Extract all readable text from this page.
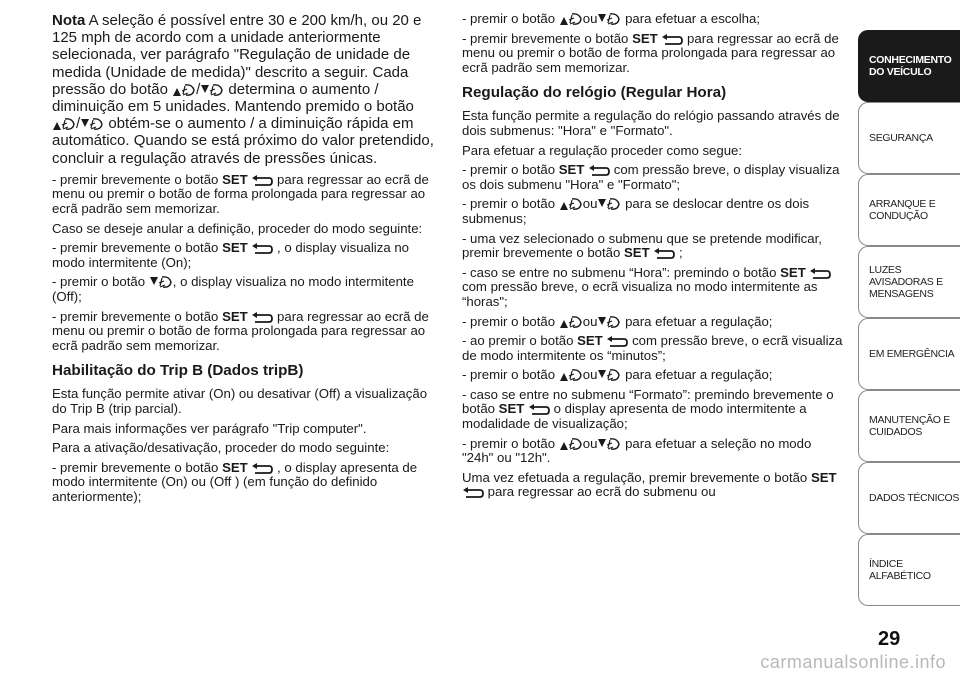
Nota A seleção é possível entre 30 e 200 km/h, ou 20 e 125 mph de acordo com a unidade anteriormente selecionada, ver parágrafo "Regulação de unidade de medida (Unidade de medida)" descrito a seguir. Cada pressão do botão
/
determina o aumento / diminuição em 5 unidades. Mantendo premido o botão
/
obtém-se o aumento / a diminuição rápida em automático. Quando se está próximo do valor pretendido, concluir a regulação através de pressões únicas.

- premir brevemente o botão SET
para regressar ao ecrã de menu ou premir o botão de forma prolongada para regressar ao ecrã padrão sem memorizar.

Caso se deseje anular a definição, proceder do modo seguinte:

- premir brevemente o botão SET
, o display visualiza no modo intermitente (On);

- premir o botão
, o display visualiza no modo intermitente (Off);

- premir brevemente o botão SET
para regressar ao ecrã de menu ou premir o botão de forma prolongada para regressar ao ecrã padrão sem memorizar.

Habilitação do Trip B (Dados tripB)

Esta função permite ativar (On) ou desativar (Off) a visualização do Trip B (trip parcial).

Para mais informações ver parágrafo "Trip computer".

Para a ativação/desativação, proceder do modo seguinte:

- premir brevemente o botão SET
, o display apresenta de modo intermitente (On) ou (Off ) (em função do definido anteriormente);

- premir o botão
ou
para efetuar a escolha;

- premir brevemente o botão SET
para regressar ao ecrã de menu ou premir o botão de forma prolongada para regressar ao ecrã padrão sem memorizar.

Regulação do relógio (Regular Hora)

Esta função permite a regulação do relógio passando através de dois submenus: "Hora" e "Formato".

Para efetuar a regulação proceder como segue:

- premir o botão SET
com pressão breve, o display visualiza os dois submenu "Hora" e "Formato";

- premir o botão
ou
para se deslocar dentre os dois submenus;

- uma vez selecionado o submenu que se pretende modificar, premir brevemente o botão SET
;

- caso se entre no submenu “Hora”: premindo o botão SET
com pressão breve, o ecrã visualiza no modo intermitente as “horas";

- premir o botão
ou
para efetuar a regulação;

- ao premir o botão SET
com pressão breve, o ecrã visualiza de modo intermitente os “minutos”;

- premir o botão
ou
para efetuar a regulação;

- caso se entre no submenu “Formato”: premindo brevemente o botão SET
o display apresenta de modo intermitente a modalidade de visualização;

- premir o botão
ou
para efetuar a seleção no modo "24h" ou "12h".

Uma vez efetuada a regulação, premir brevemente o botão SET
para regressar ao ecrã do submenu ou

CONHECIMENTO DO VEÍCULO
SEGURANÇA
ARRANQUE E CONDUÇÃO
LUZES AVISADORAS E MENSAGENS
EM EMERGÊNCIA
MANUTENÇÃO E CUIDADOS
DADOS TÉCNICOS
ÍNDICE ALFABÉTICO
29
carmanualsonline.info
